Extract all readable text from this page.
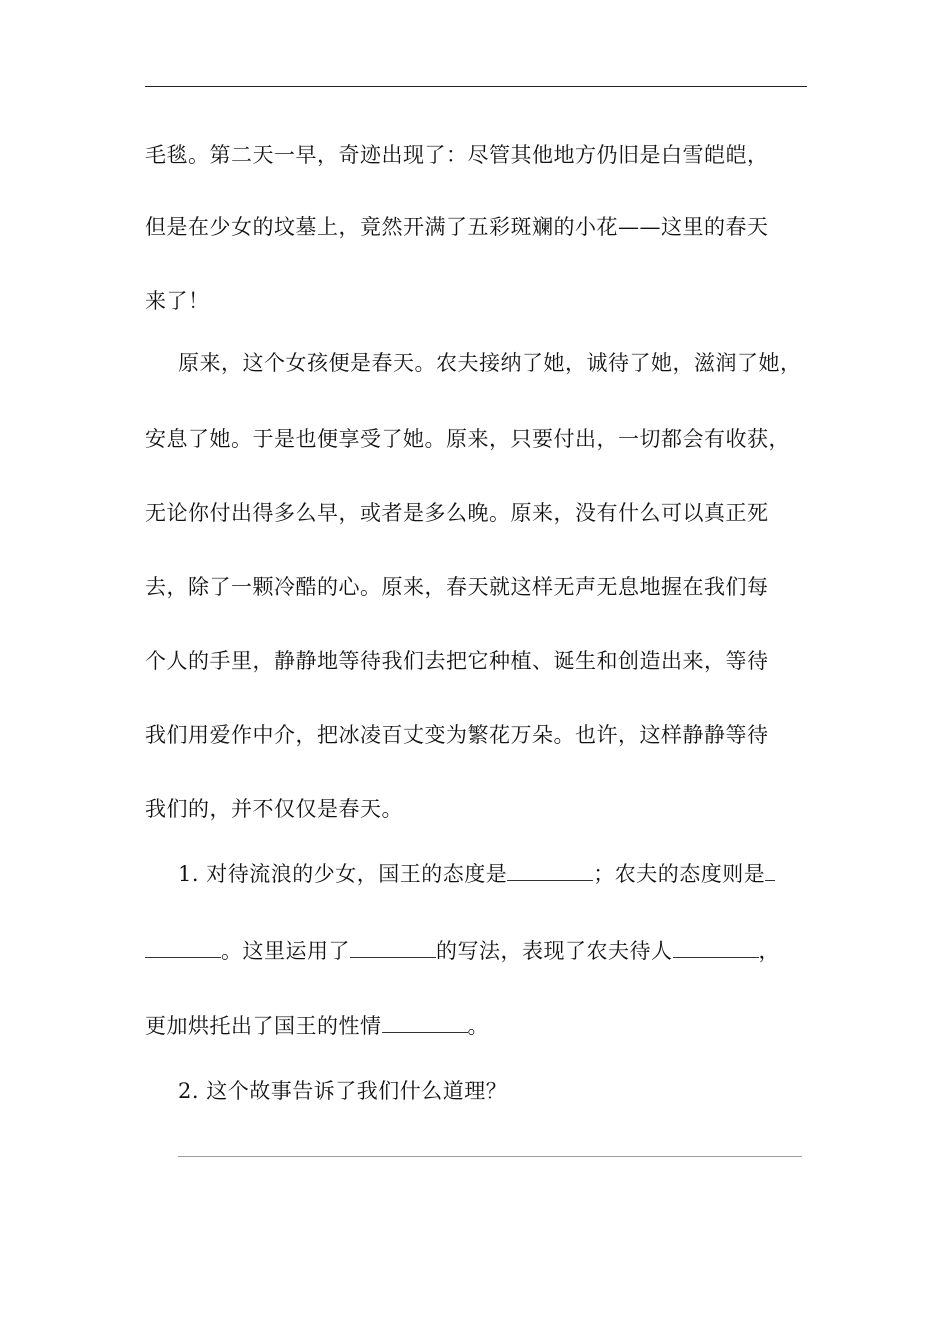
毛毯。第二天一早，奇迹出现了：尽管其他地方仍旧是白雪皑皑，
但是在少女的坟墓上，竟然开满了五彩斑斓的小花——这里的春天
来了！
原来，这个女孩便是春天。农夫接纳了她，诚待了她，滋润了她，
安息了她。于是也便享受了她。原来，只要付出，一切都会有收获，
无论你付出得多么早，或者是多么晚。原来，没有什么可以真正死
去，除了一颗冷酷的心。原来，春天就这样无声无息地握在我们每
个人的手里，静静地等待我们去把它种植、诞生和创造出来，等待
我们用爱作中介，把冰凌百丈变为繁花万朵。也许，这样静静等待
我们的，并不仅仅是春天。
1. 对待流浪的少女，国王的态度是	；农夫的态度则是
。这里运用了	的写法，表现了农夫待人	，
更加烘托出了国王的性情	。
2. 这个故事告诉了我们什么道理？
